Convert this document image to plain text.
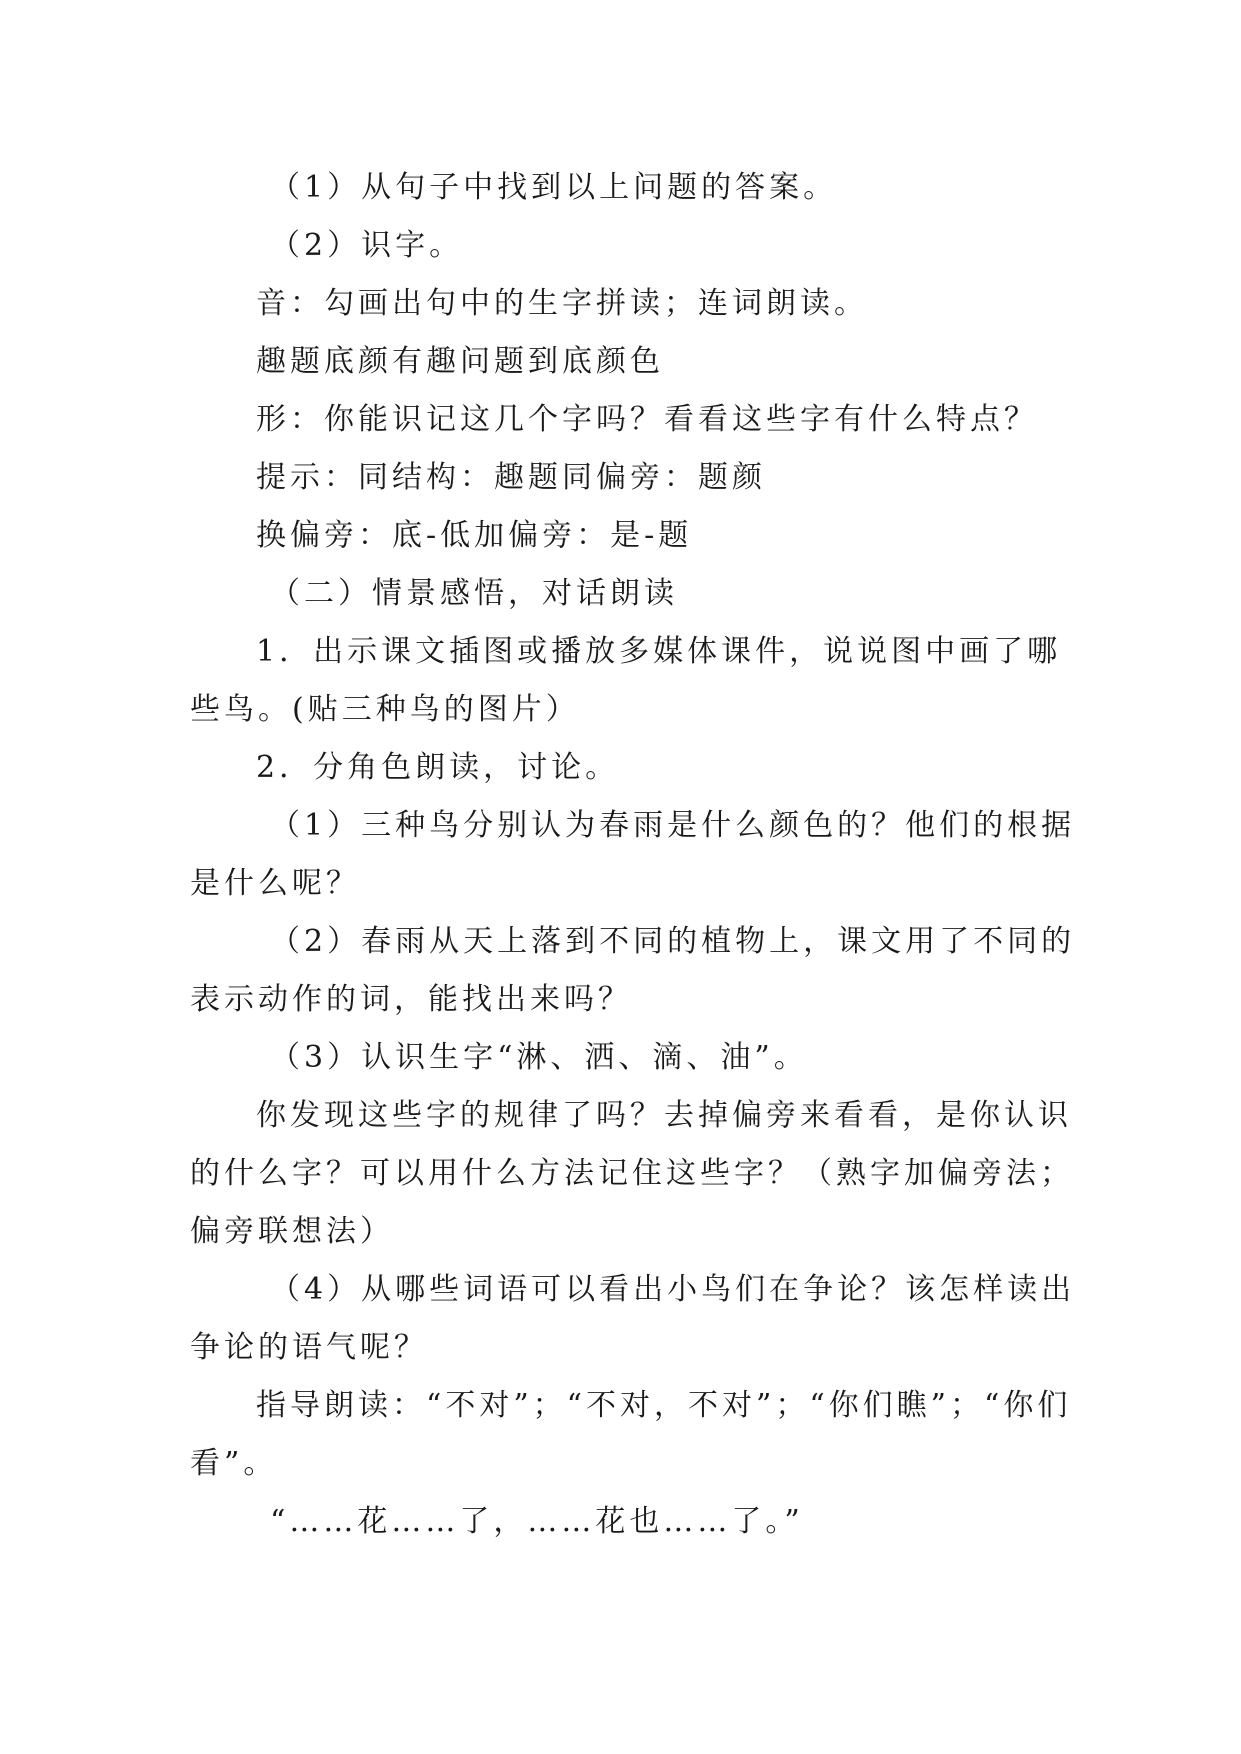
（1）从句子中找到以上问题的答案。
（2）识字。
音：勾画出句中的生字拼读；连词朗读。
趣题底颜有趣问题到底颜色
形：你能识记这几个字吗？看看这些字有什么特点？
提示：同结构：趣题同偏旁：题颜
换偏旁：底-低加偏旁：是-题
（二）情景感悟，对话朗读
1．出示课文插图或播放多媒体课件，说说图中画了哪
些鸟。(贴三种鸟的图片）
2．分角色朗读，讨论。
（1）三种鸟分别认为春雨是什么颜色的？他们的根据
是什么呢？
（2）春雨从天上落到不同的植物上，课文用了不同的
表示动作的词，能找出来吗？
（3）认识生字“淋、洒、滴、油”。
你发现这些字的规律了吗？去掉偏旁来看看，是你认识
的什么字？可以用什么方法记住这些字？（熟字加偏旁法；
偏旁联想法）
（4）从哪些词语可以看出小鸟们在争论？该怎样读出
争论的语气呢？
指导朗读：“不对”；“不对，不对”；“你们瞧”；“你们
看”。
“……花……了，……花也……了。”
